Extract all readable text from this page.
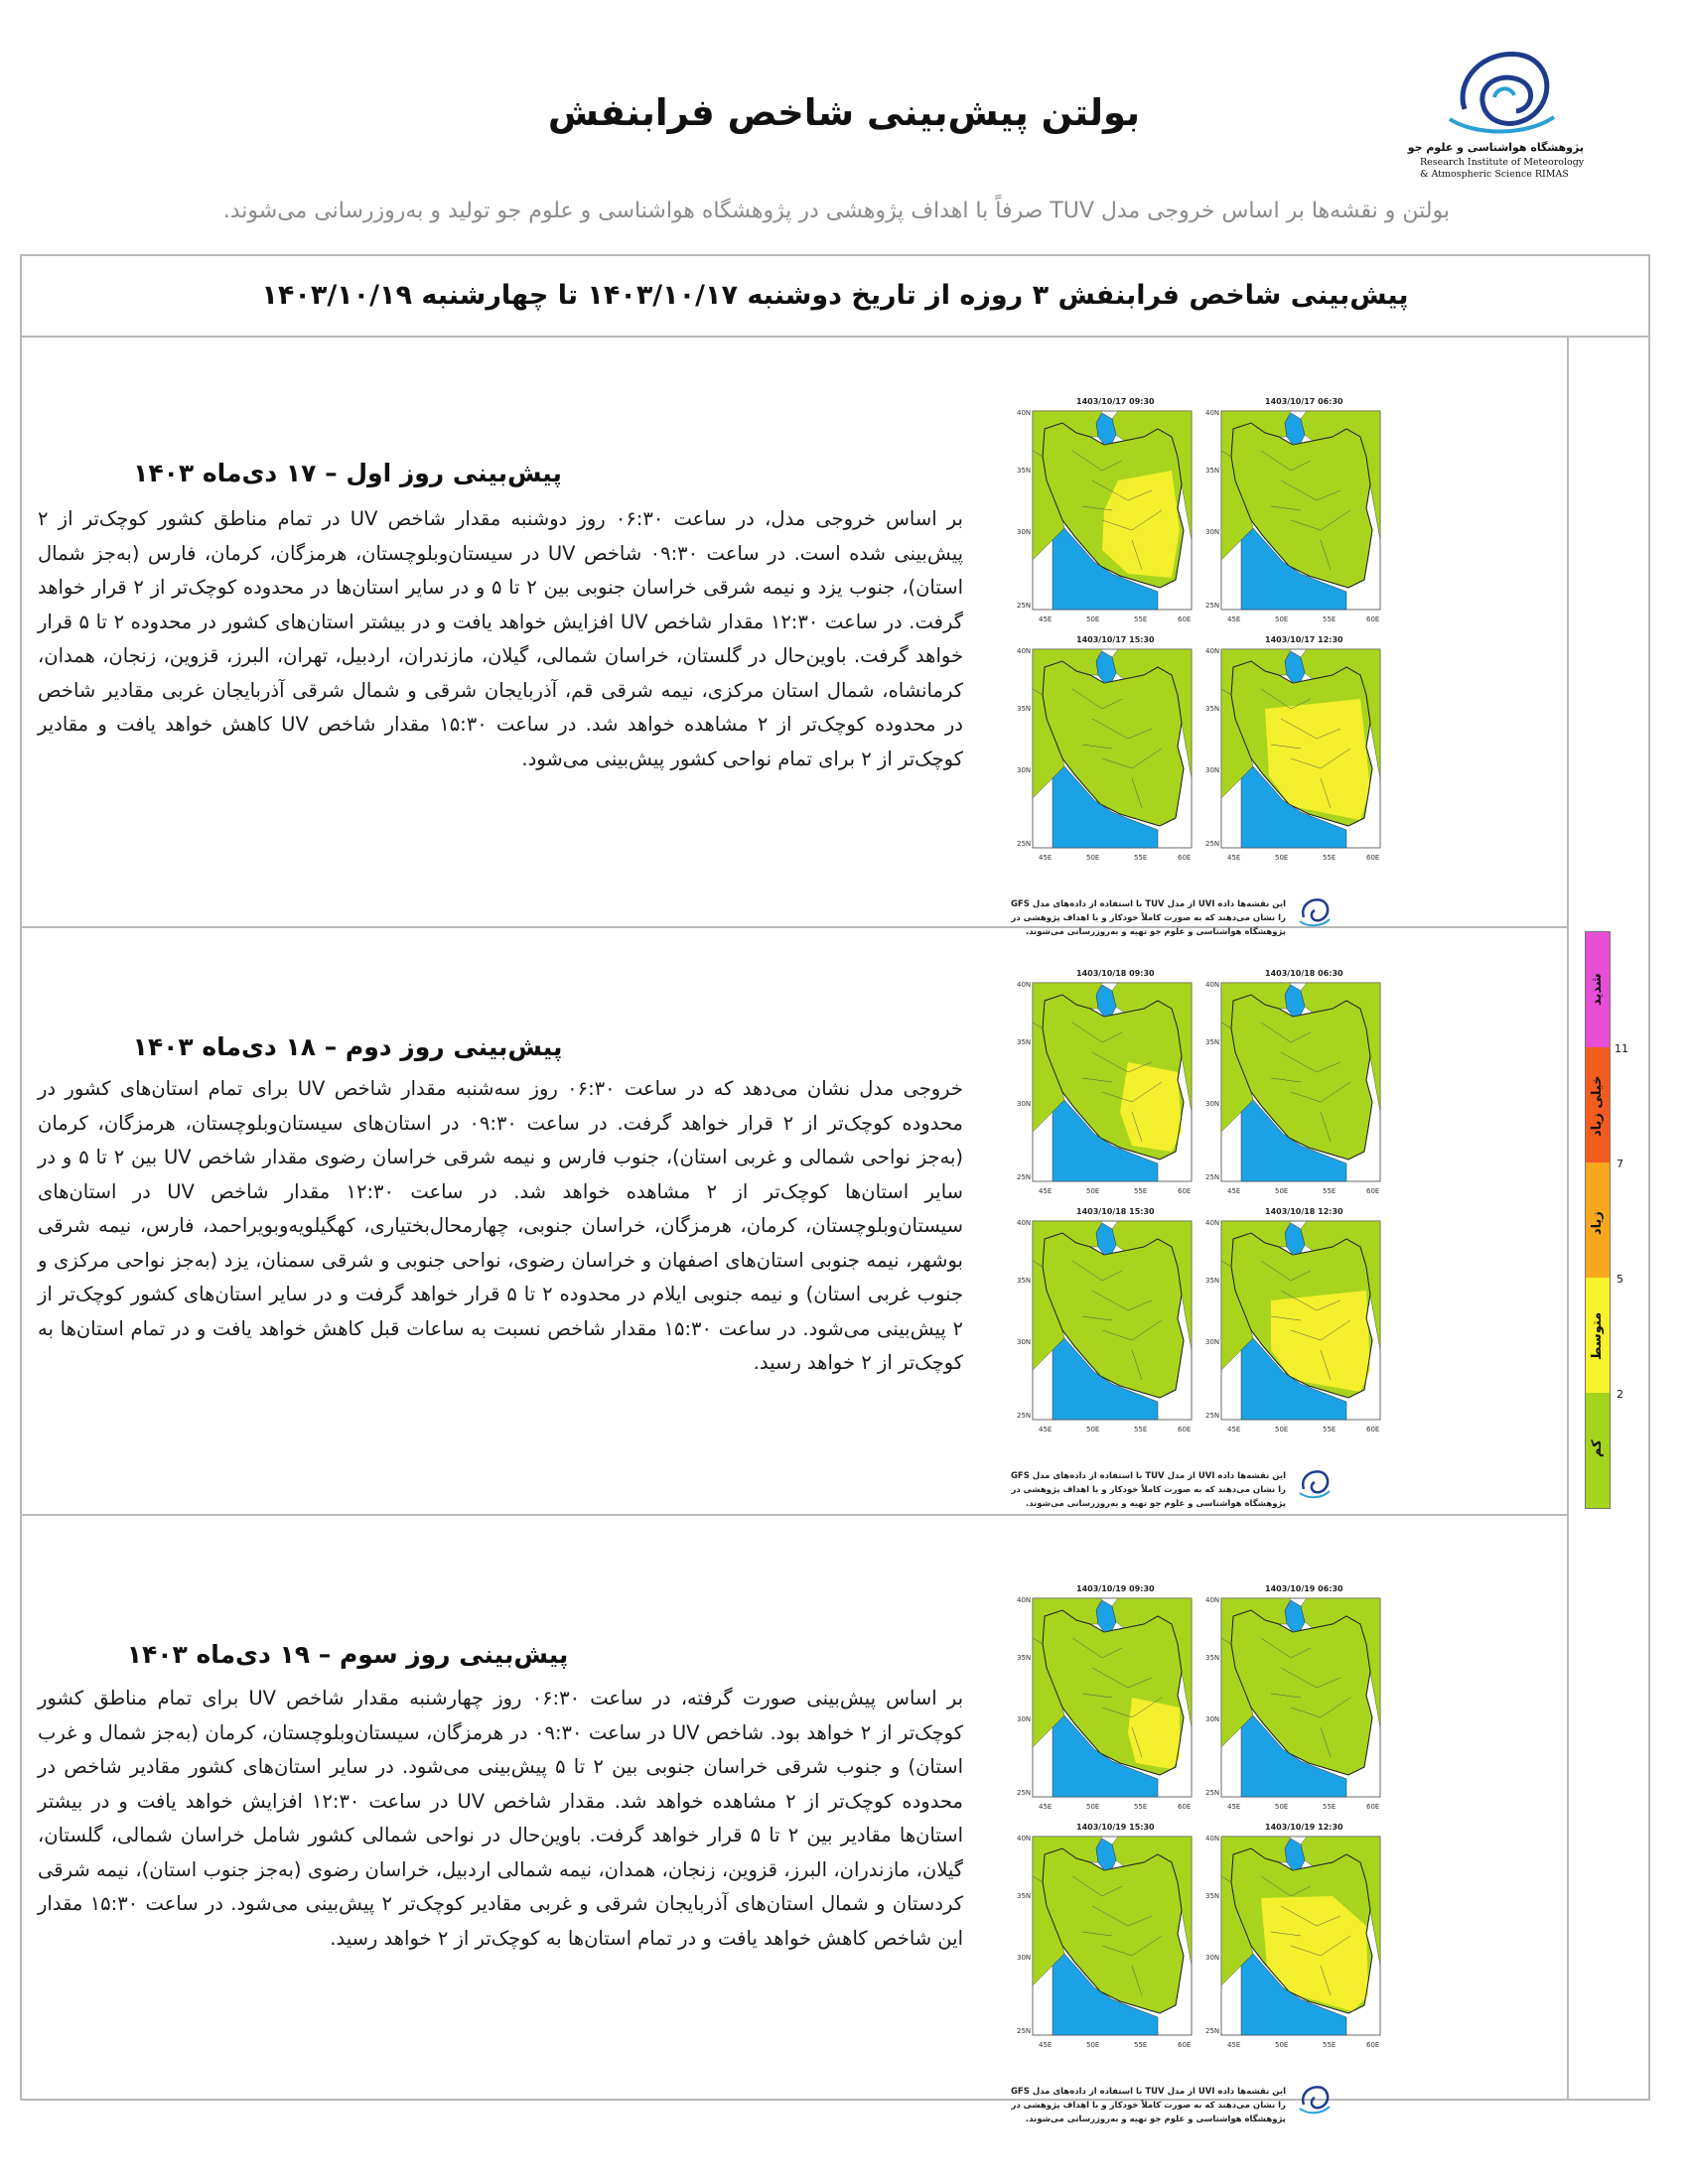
بولتن پیش‌بینی شاخص فرابنفش
پژوهشگاه هواشناسی و علوم جو
Research Institute of Meteorology
& Atmospheric Science RIMAS
بولتن و نقشه‌ها بر اساس خروجی مدل TUV صرفاً با اهداف پژوهشی در پژوهشگاه هواشناسی و علوم جو تولید و به‌روزرسانی می‌شوند.
پیش‌بینی شاخص فرابنفش ۳ روزه از تاریخ دوشنبه ۱۴۰۳/۱۰/۱۷ تا چهارشنبه ۱۴۰۳/۱۰/۱۹
پیش‌بینی روز اول – ۱۷ دی‌ماه ۱۴۰۳
بر اساس خروجی مدل، در ساعت ۰۶:۳۰ روز دوشنبه مقدار شاخص UV در تمام مناطق کشور کوچک‌تر از ۲ پیش‌بینی شده است. در ساعت ۰۹:۳۰ شاخص UV در سیستان‌وبلوچستان، هرمزگان، کرمان، فارس (به‌جز شمال استان)، جنوب یزد و نیمه شرقی خراسان جنوبی بین ۲ تا ۵ و در سایر استان‌ها در محدوده کوچک‌تر از ۲ قرار خواهد گرفت. در ساعت ۱۲:۳۰ مقدار شاخص UV افزایش خواهد یافت و در بیشتر استان‌های کشور در محدوده ۲ تا ۵ قرار خواهد گرفت. باوین‌حال در گلستان، خراسان شمالی، گیلان، مازندران، اردبیل، تهران، البرز، قزوین، زنجان، همدان، کرمانشاه، شمال استان مرکزی، نیمه شرقی قم، آذربایجان شرقی و شمال شرقی آذربایجان غربی مقادیر شاخص در محدوده کوچک‌تر از ۲ مشاهده خواهد شد. در ساعت ۱۵:۳۰ مقدار شاخص UV کاهش خواهد یافت و مقادیر کوچک‌تر از ۲ برای تمام نواحی کشور پیش‌بینی می‌شود.
پیش‌بینی روز دوم – ۱۸ دی‌ماه ۱۴۰۳
خروجی مدل نشان می‌دهد که در ساعت ۰۶:۳۰ روز سه‌شنبه مقدار شاخص UV برای تمام استان‌های کشور در محدوده کوچک‌تر از ۲ قرار خواهد گرفت. در ساعت ۰۹:۳۰ در استان‌های سیستان‌وبلوچستان، هرمزگان، کرمان (به‌جز نواحی شمالی و غربی استان)، جنوب فارس و نیمه شرقی خراسان رضوی مقدار شاخص UV بین ۲ تا ۵ و در سایر استان‌ها کوچک‌تر از ۲ مشاهده خواهد شد. در ساعت ۱۲:۳۰ مقدار شاخص UV در استان‌های سیستان‌وبلوچستان، کرمان، هرمزگان، خراسان جنوبی، چهارمحال‌بختیاری، کهگیلویه‌وبویراحمد، فارس، نیمه شرقی بوشهر، نیمه جنوبی استان‌های اصفهان و خراسان رضوی، نواحی جنوبی و شرقی سمنان، یزد (به‌جز نواحی مرکزی و جنوب غربی استان) و نیمه جنوبی ایلام در محدوده ۲ تا ۵ قرار خواهد گرفت و در سایر استان‌های کشور کوچک‌تر از ۲ پیش‌بینی می‌شود. در ساعت ۱۵:۳۰ مقدار شاخص نسبت به ساعات قبل کاهش خواهد یافت و در تمام استان‌ها به کوچک‌تر از ۲ خواهد رسید.
پیش‌بینی روز سوم – ۱۹ دی‌ماه ۱۴۰۳
بر اساس پیش‌بینی صورت گرفته، در ساعت ۰۶:۳۰ روز چهارشنبه مقدار شاخص UV برای تمام مناطق کشور کوچک‌تر از ۲ خواهد بود. شاخص UV در ساعت ۰۹:۳۰ در هرمزگان، سیستان‌وبلوچستان، کرمان (به‌جز شمال و غرب استان) و جنوب شرقی خراسان جنوبی بین ۲ تا ۵ پیش‌بینی می‌شود. در سایر استان‌های کشور مقادیر شاخص در محدوده کوچک‌تر از ۲ مشاهده خواهد شد. مقدار شاخص UV در ساعت ۱۲:۳۰ افزایش خواهد یافت و در بیشتر استان‌ها مقادیر بین ۲ تا ۵ قرار خواهد گرفت. باوین‌حال در نواحی شمالی کشور شامل خراسان شمالی، گلستان، گیلان، مازندران، البرز، قزوین، زنجان، همدان، نیمه شمالی اردبیل، خراسان رضوی (به‌جز جنوب استان)، نیمه شرقی کردستان و شمال استان‌های آذربایجان شرقی و غربی مقادیر کوچک‌تر ۲ پیش‌بینی می‌شود. در ساعت ۱۵:۳۰ مقدار این شاخص کاهش خواهد یافت و در تمام استان‌ها به کوچک‌تر از ۲ خواهد رسید.
1403/10/17 06:30
40N
35N
30N
25N
45E	50E	55E	60E
1403/10/17 09:30
40N
35N
30N
25N
45E	50E	55E	60E
1403/10/17 12:30
40N
35N
30N
25N
45E	50E	55E	60E
1403/10/17 15:30
40N
35N
30N
25N
45E	50E	55E	60E
این نقشه‌ها داده UVI از مدل TUV با استفاده از داده‌های مدل GFS را نشان می‌دهند که به صورت کاملاً خودکار و با اهداف پژوهشی در پژوهشگاه هواشناسی و علوم جو تهیه و به‌روزرسانی می‌شوند.
1403/10/18 06:30
40N
35N
30N
25N
45E	50E	55E	60E
1403/10/18 09:30
40N
35N
30N
25N
45E	50E	55E	60E
1403/10/18 12:30
40N
35N
30N
25N
45E	50E	55E	60E
1403/10/18 15:30
40N
35N
30N
25N
45E	50E	55E	60E
این نقشه‌ها داده UVI از مدل TUV با استفاده از داده‌های مدل GFS را نشان می‌دهند که به صورت کاملاً خودکار و با اهداف پژوهشی در پژوهشگاه هواشناسی و علوم جو تهیه و به‌روزرسانی می‌شوند.
1403/10/19 06:30
40N
35N
30N
25N
45E	50E	55E	60E
1403/10/19 09:30
40N
35N
30N
25N
45E	50E	55E	60E
1403/10/19 12:30
40N
35N
30N
25N
45E	50E	55E	60E
1403/10/19 15:30
40N
35N
30N
25N
45E	50E	55E	60E
این نقشه‌ها داده UVI از مدل TUV با استفاده از داده‌های مدل GFS را نشان می‌دهند که به صورت کاملاً خودکار و با اهداف پژوهشی در پژوهشگاه هواشناسی و علوم جو تهیه و به‌روزرسانی می‌شوند.
شدید
خیلی زیاد
زیاد
متوسط
کم
11
7
5
2
